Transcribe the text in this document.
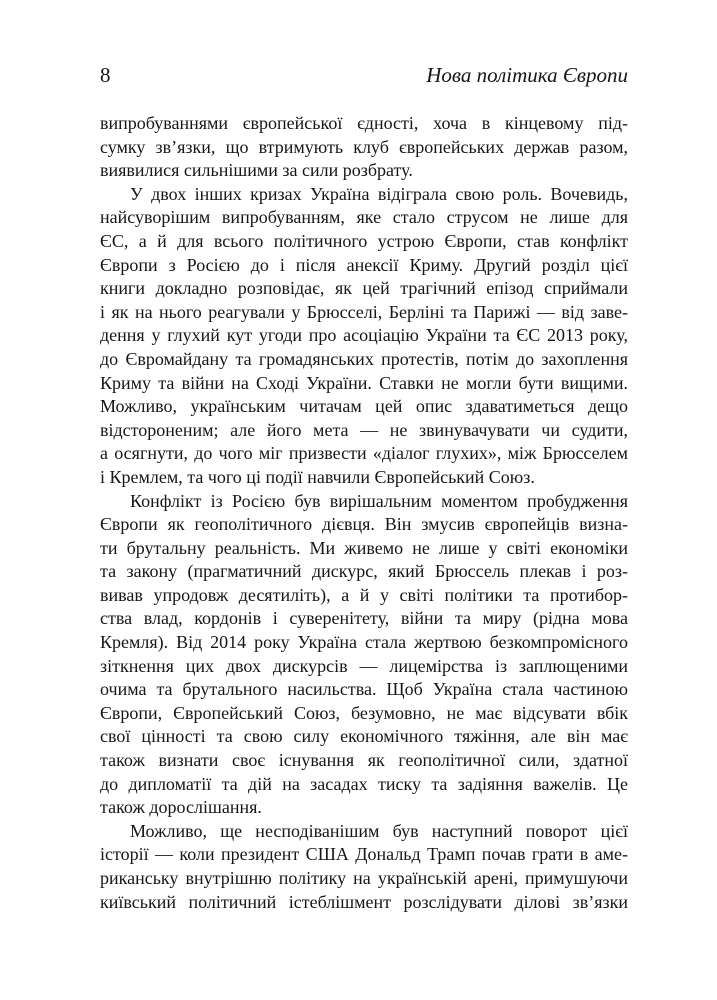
8	Нова політика Європи
випробуваннями європейської єдності, хоча в кінцевому під-
сумку зв’язки, що втримують клуб європейських держав разом,
виявилися сильнішими за сили розбрату.
У двох інших кризах Україна відіграла свою роль. Вочевидь,
найсуворішим випробуванням, яке стало струсом не лише для
ЄС, а й для всього політичного устрою Європи, став конфлікт
Європи з Росією до і після анексії Криму. Другий розділ цієї
книги докладно розповідає, як цей трагічний епізод сприймали
і як на нього реагували у Брюсселі, Берліні та Парижі — від заве-
дення у глухий кут угоди про асоціацію України та ЄС 2013 року,
до Євромайдану та громадянських протестів, потім до захоплення
Криму та війни на Сході України. Ставки не могли бути вищими.
Можливо, українським читачам цей опис здаватиметься дещо
відстороненим; але його мета — не звинувачувати чи судити,
а осягнути, до чого міг призвести «діалог глухих», між Брюсселем
і Кремлем, та чого ці події навчили Європейський Союз.
Конфлікт із Росією був вирішальним моментом пробудження
Європи як геополітичного дієвця. Він змусив європейців визна-
ти брутальну реальність. Ми живемо не лише у світі економіки
та закону (прагматичний дискурс, який Брюссель плекав і роз-
вивав упродовж десятиліть), а й у світі політики та протибор-
ства влад, кордонів і суверенітету, війни та миру (рідна мова
Кремля). Від 2014 року Україна стала жертвою безкомпромісного
зіткнення цих двох дискурсів — лицемірства із заплющеними
очима та брутального насильства. Щоб Україна стала частиною
Європи, Європейський Союз, безумовно, не має відсувати вбік
свої цінності та свою силу економічного тяжіння, але він має
також визнати своє існування як геополітичної сили, здатної
до дипломатії та дій на засадах тиску та задіяння важелів. Це
також дорослішання.
Можливо, ще несподіванішим був наступний поворот цієї
історії — коли президент США Дональд Трамп почав грати в аме-
риканську внутрішню політику на українській арені, примушуючи
київський політичний істеблішмент розслідувати ділові зв’язки
